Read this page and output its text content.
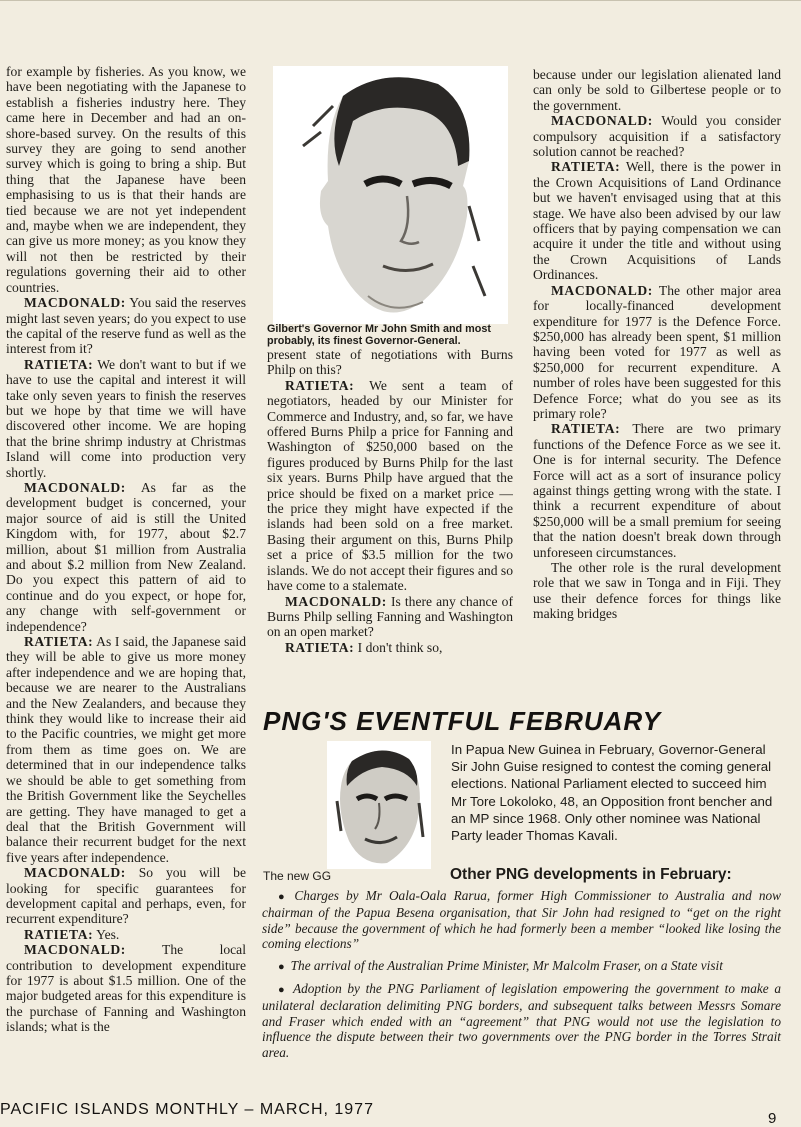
for example by fisheries. As you know, we have been negotiating with the Japanese to establish a fisheries industry here. They came here in December and had an on-shore-based survey. On the results of this survey they are going to send another survey which is going to bring a ship. But thing that the Japanese have been emphasising to us is that their hands are tied because we are not yet independent and, maybe when we are independent, they can give us more money; as you know they will not then be restricted by their regulations governing their aid to other countries.

MACDONALD: You said the reserves might last seven years; do you expect to use the capital of the reserve fund as well as the interest from it?

RATIETA: We don't want to but if we have to use the capital and interest it will take only seven years to finish the reserves but we hope by that time we will have discovered other income. We are hoping that the brine shrimp industry at Christmas Island will come into production very shortly.

MACDONALD: As far as the development budget is concerned, your major source of aid is still the United Kingdom with, for 1977, about $2.7 million, about $1 million from Australia and about $.2 million from New Zealand. Do you expect this pattern of aid to continue and do you expect, or hope for, any change with self-government or independence?

RATIETA: As I said, the Japanese said they will be able to give us more money after independence and we are hoping that, because we are nearer to the Australians and the New Zealanders, and because they think they would like to increase their aid to the Pacific countries, we might get more from them as time goes on. We are determined that in our independence talks we should be able to get something from the British Government like the Seychelles are getting. They have managed to get a deal that the British Government will balance their recurrent budget for the next five years after independence.

MACDONALD: So you will be looking for specific guarantees for development capital and perhaps, even, for recurrent expenditure?

RATIETA: Yes.

MACDONALD: The local contribution to development expenditure for 1977 is about $1.5 million. One of the major budgeted areas for this expenditure is the purchase of Fanning and Washington islands; what is the

Gilbert's Governor Mr John Smith and most probably, its finest Governor-General.

present state of negotiations with Burns Philp on this?

RATIETA: We sent a team of negotiators, headed by our Minister for Commerce and Industry, and, so far, we have offered Burns Philp a price for Fanning and Washington of $250,000 based on the figures produced by Burns Philp for the last six years. Burns Philp have argued that the price should be fixed on a market price — the price they might have expected if the islands had been sold on a free market. Basing their argument on this, Burns Philp set a price of $3.5 million for the two islands. We do not accept their figures and so have come to a stalemate.

MACDONALD: Is there any chance of Burns Philp selling Fanning and Washington on an open market?

RATIETA: I don't think so,

because under our legislation alienated land can only be sold to Gilbertese people or to the government.

MACDONALD: Would you consider compulsory acquisition if a satisfactory solution cannot be reached?

RATIETA: Well, there is the power in the Crown Acquisitions of Land Ordinance but we haven't envisaged using that at this stage. We have also been advised by our law officers that by paying compensation we can acquire it under the title and without using the Crown Acquisitions of Lands Ordinances.

MACDONALD: The other major area for locally-financed development expenditure for 1977 is the Defence Force. $250,000 has already been spent, $1 million having been voted for 1977 as well as $250,000 for recurrent expenditure. A number of roles have been suggested for this Defence Force; what do you see as its primary role?

RATIETA: There are two primary functions of the Defence Force as we see it. One is for internal security. The Defence Force will act as a sort of insurance policy against things getting wrong with the state. I think a recurrent expenditure of about $250,000 will be a small premium for seeing that the nation doesn't break down through unforeseen circumstances.

The other role is the rural development role that we saw in Tonga and in Fiji. They use their defence forces for things like making bridges

PNG'S EVENTFUL FEBRUARY
The new GG

In Papua New Guinea in February, Governor-General Sir John Guise resigned to contest the coming general elections. National Parliament elected to succeed him Mr Tore Lokoloko, 48, an Opposition front bencher and an MP since 1968. Only other nominee was National Party leader Thomas Kavali.

Other PNG developments in February:

● Charges by Mr Oala-Oala Rarua, former High Commissioner to Australia and now chairman of the Papua Besena organisation, that Sir John had resigned to “get on the right side” because the government of which he had formerly been a member “looked like losing the coming elections”

● The arrival of the Australian Prime Minister, Mr Malcolm Fraser, on a State visit

● Adoption by the PNG Parliament of legislation empowering the government to make a unilateral declaration delimiting PNG borders, and subsequent talks between Messrs Somare and Fraser which ended with an “agreement” that PNG would not use the legislation to influence the dispute between their two governments over the PNG border in the Torres Strait area.

PACIFIC ISLANDS MONTHLY – MARCH, 1977
9
